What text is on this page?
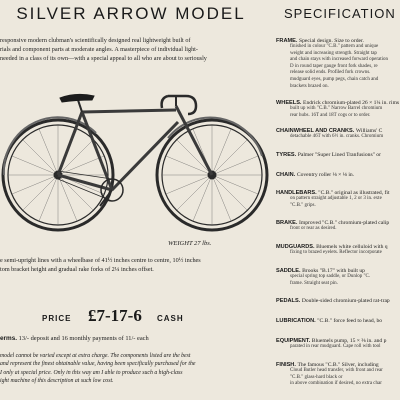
SILVER ARROW MODEL	SPECIFICATION
responsive modern clubman's scientifically designed real lightweight built of
rials and component parts at moderate angles. A masterpiece of individual light-
needed in a class of its own—with a special appeal to all who are about to seriously
WEIGHT 27 lbs.
e semi-upright lines with a wheelbase of 41½ inches centre to centre, 10½ inches
tom bracket height and gradual rake forks of 2¼ inches offset.
PRICE £7-17-6 CASH
erms. 13/- deposit and 16 monthly payments of 11/- each
model cannot be varied except at extra charge. The components listed are the best
and represent the finest obtainable value, having been specifically purchased for the
I only at special price. Only in this way am I able to produce such a high-class
ight machine of this description at such low cost.
FRAME. Special design. Size to order.
finished in colour "C.B." pattern and unique
weight and increasing strength. Straight tap
and chain stays with increased forward operation
D in round taper gauge front fork shades, re
release solid ends. Profiled fork crowns.
mudguard eyes, pump pegs, chain catch and
brackets brazed on.
WHEELS. Endrick chromium-plated 26 × 1¼ in. rims
built up with "C.B." Narrow Barrel chromium
rear hubs. 16T and 18T cogs or to order.
CHAINWHEEL AND CRANKS. Williams' C
detachable 46T with 6½ in. cranks. Chromium
TYRES. Palmer "Super Lined Tranfusions" or
CHAIN. Coventry roller ⅛ × ⅛ in.
HANDLEBARS. "C.B." original as illustrated, fit
on pattern straight adjustable 1, 2 or 3 in. exte
"C.B." grips.
BRAKE. Improved "C.B." chromium-plated calip
front or rear as desired.
MUDGUARDS. Bluemels white celluloid with q
fixing to brazed eyelets. Reflector incorporate
SADDLE. Brooks "B.17" with built up
special spring top saddle, or Dunlop "C.
frame. Straight seat pin.
PEDALS. Double-sided chromium-plated rat-trap
LUBRICATION. "C.B." force feed to head, bo
EQUIPMENT. Bluemels pump, 15 × ⅜ in. and p
parated in rear mudguard. Cape roll with tool
FINISH. The famous "C.B." Silver, including
Cloud Butler head transfer, with front and rear
"C.B." glass-hard black or
in above combination if desired, no extra char
